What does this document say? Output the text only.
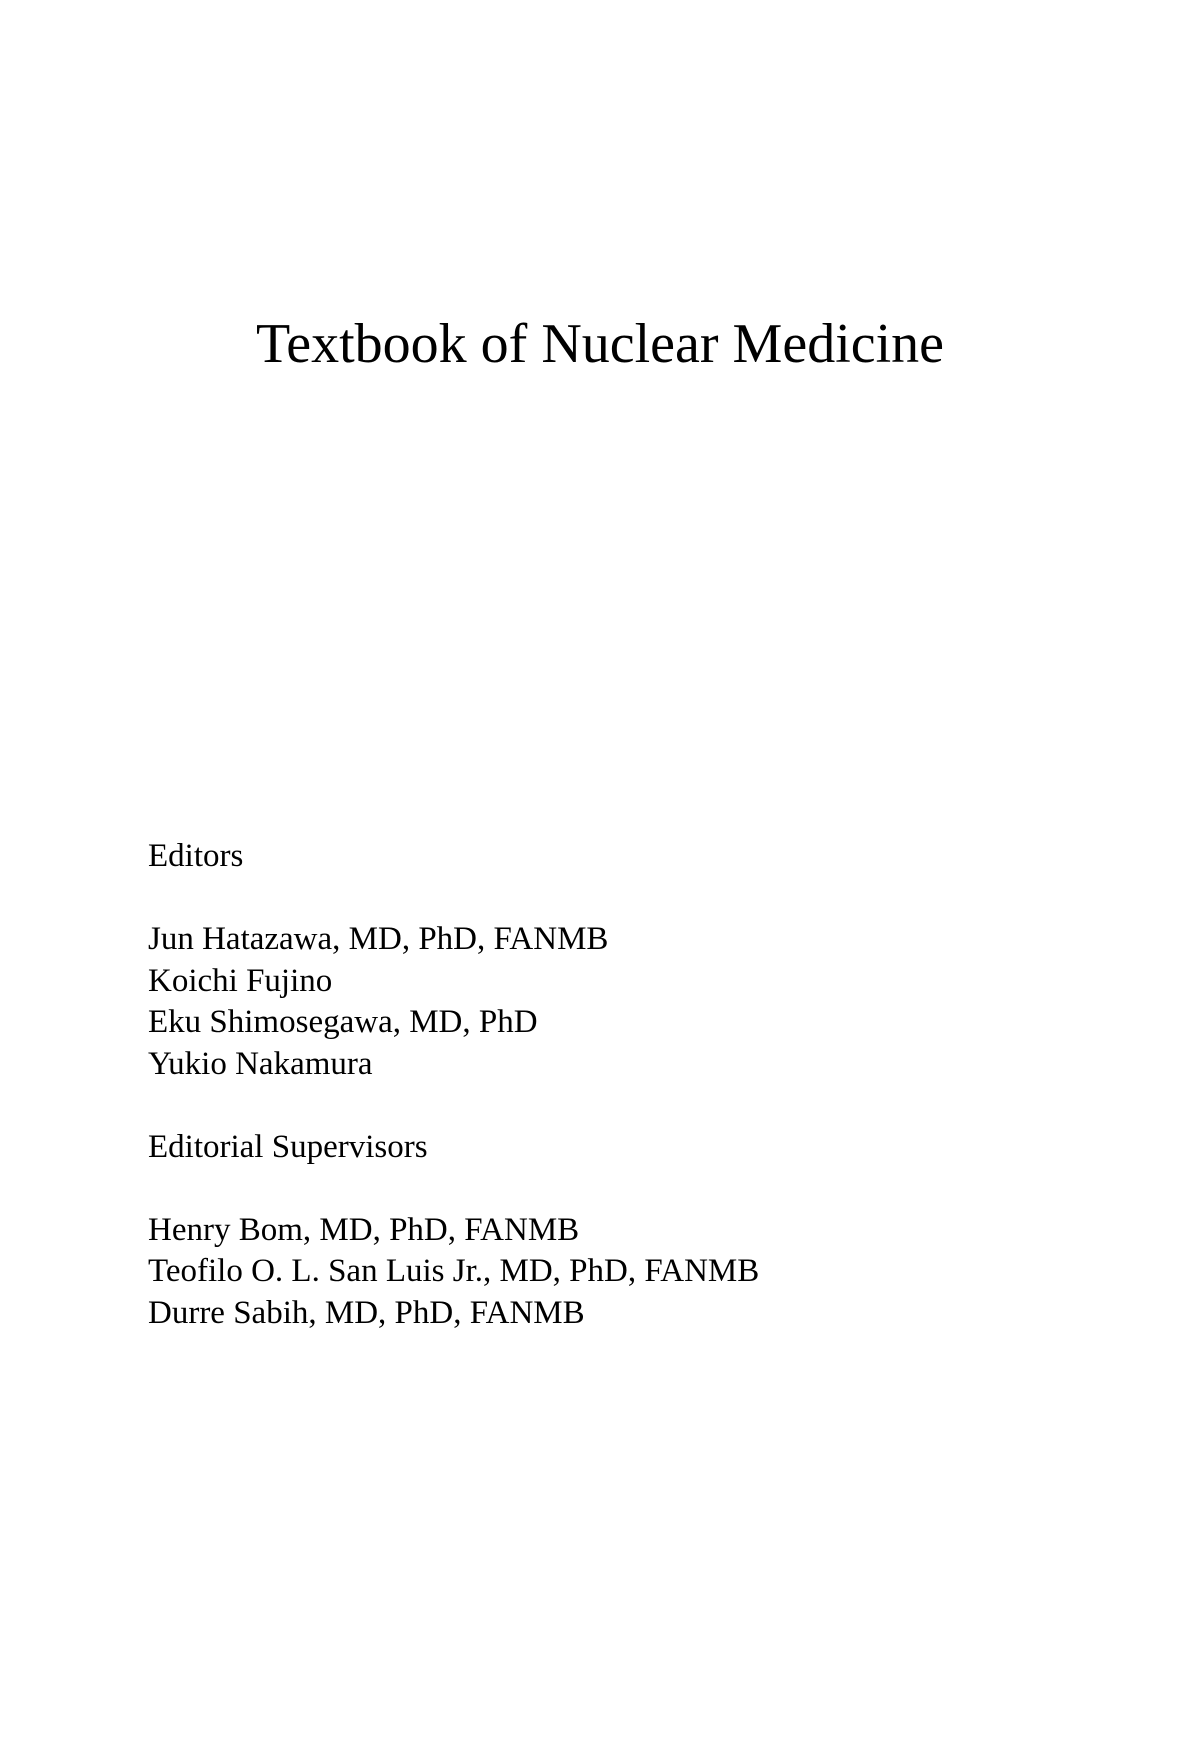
Textbook of Nuclear Medicine
Editors
Jun Hatazawa, MD, PhD, FANMB
Koichi Fujino
Eku Shimosegawa, MD, PhD
Yukio Nakamura
Editorial Supervisors
Henry Bom, MD, PhD, FANMB
Teofilo O. L. San Luis Jr., MD, PhD, FANMB
Durre Sabih, MD, PhD, FANMB
